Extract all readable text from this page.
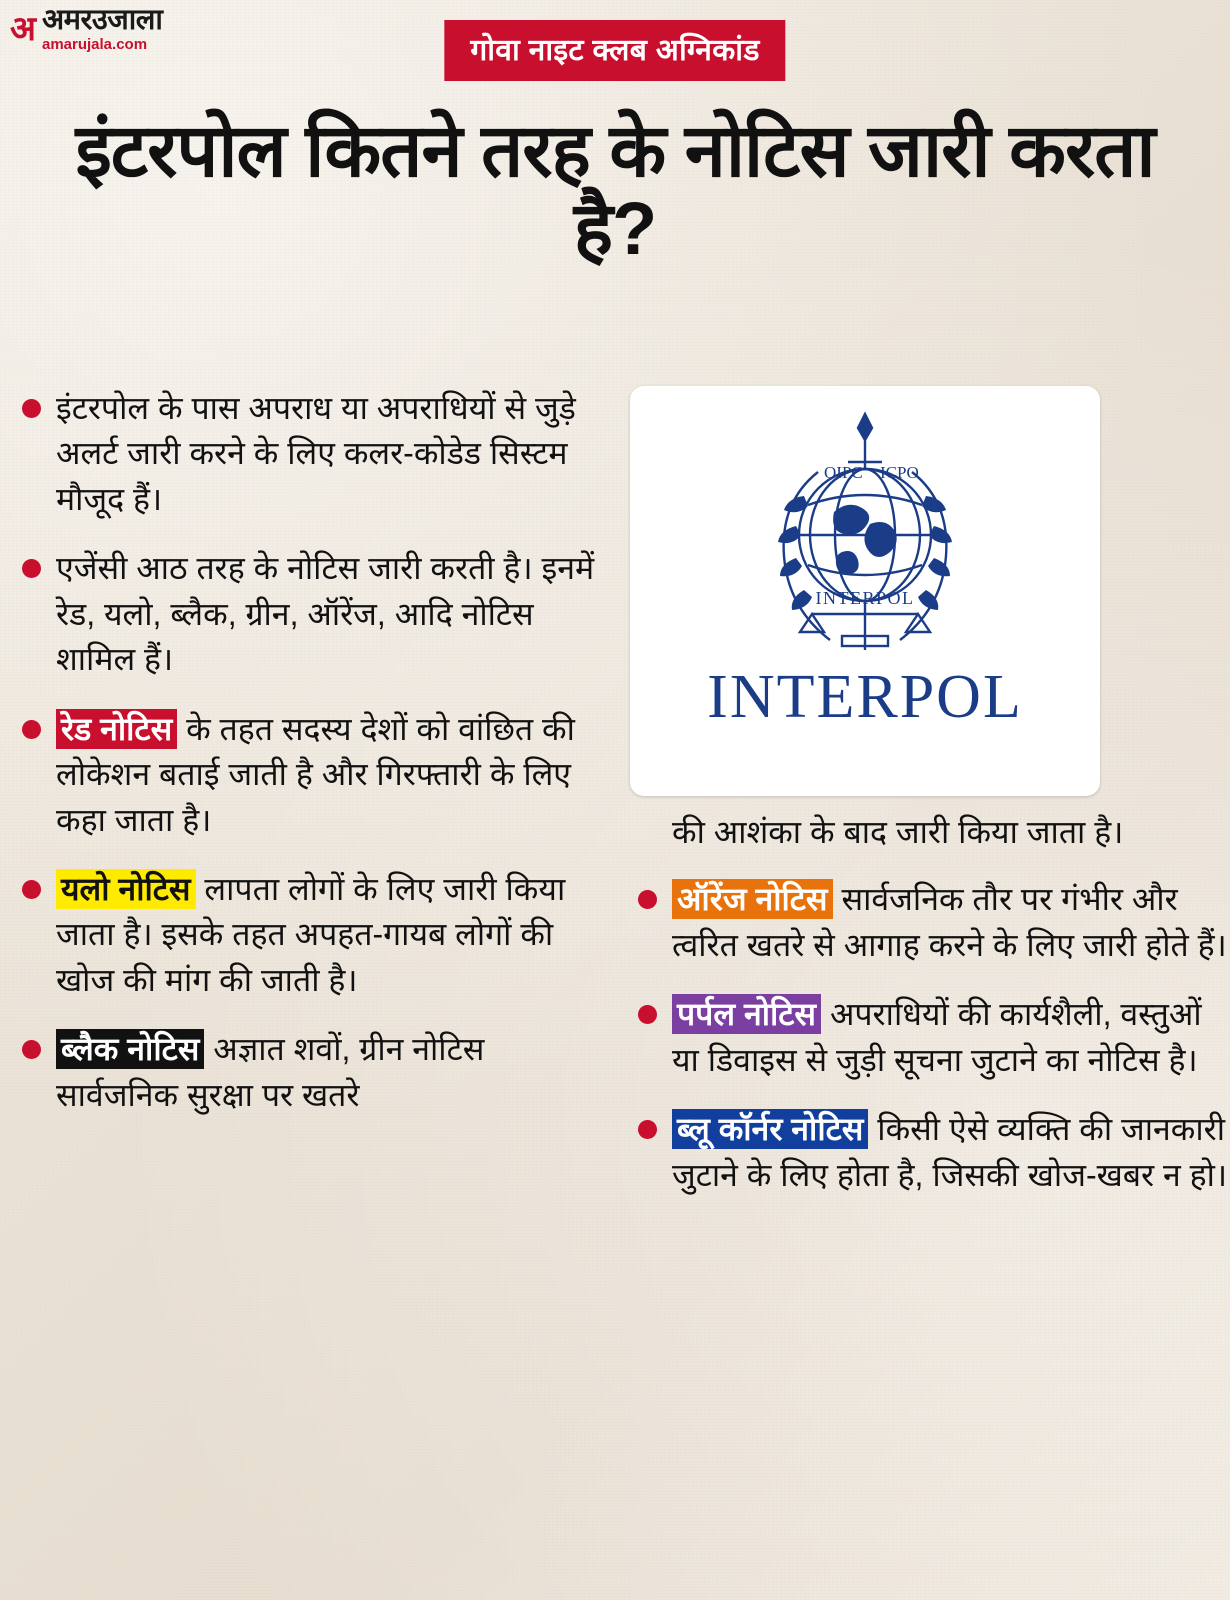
अ अमरउजाला
amarujala.com	गोवा नाइट क्लब अग्निकांड
इंटरपोल कितने तरह के नोटिस जारी करता है?
OIPC ICPO
INTERPOL
INTERPOL
इंटरपोल के पास अपराध या अपराधियों से जुड़े अलर्ट जारी करने के लिए कलर-कोडेड सिस्टम मौजूद हैं।
एजेंसी आठ तरह के नोटिस जारी करती है। इनमें रेड, यलो, ब्लैक, ग्रीन, ऑरेंज, आदि नोटिस शामिल हैं।
रेड नोटिस के तहत सदस्य देशों को वांछित की लोकेशन बताई जाती है और गिरफ्तारी के लिए कहा जाता है।
यलो नोटिस लापता लोगों के लिए जारी किया जाता है। इसके तहत अपहत-गायब लोगों की खोज की मांग की जाती है।
ब्लैक नोटिस अज्ञात शवों, ग्रीन नोटिस सार्वजनिक सुरक्षा पर खतरे
की आशंका के बाद जारी किया जाता है।
ऑरेंज नोटिस सार्वजनिक तौर पर गंभीर और त्वरित खतरे से आगाह करने के लिए जारी होते हैं।
पर्पल नोटिस अपराधियों की कार्यशैली, वस्तुओं या डिवाइस से जुड़ी सूचना जुटाने का नोटिस है।
ब्लू कॉर्नर नोटिस किसी ऐसे व्यक्ति की जानकारी जुटाने के लिए होता है, जिसकी खोज-खबर न हो।
